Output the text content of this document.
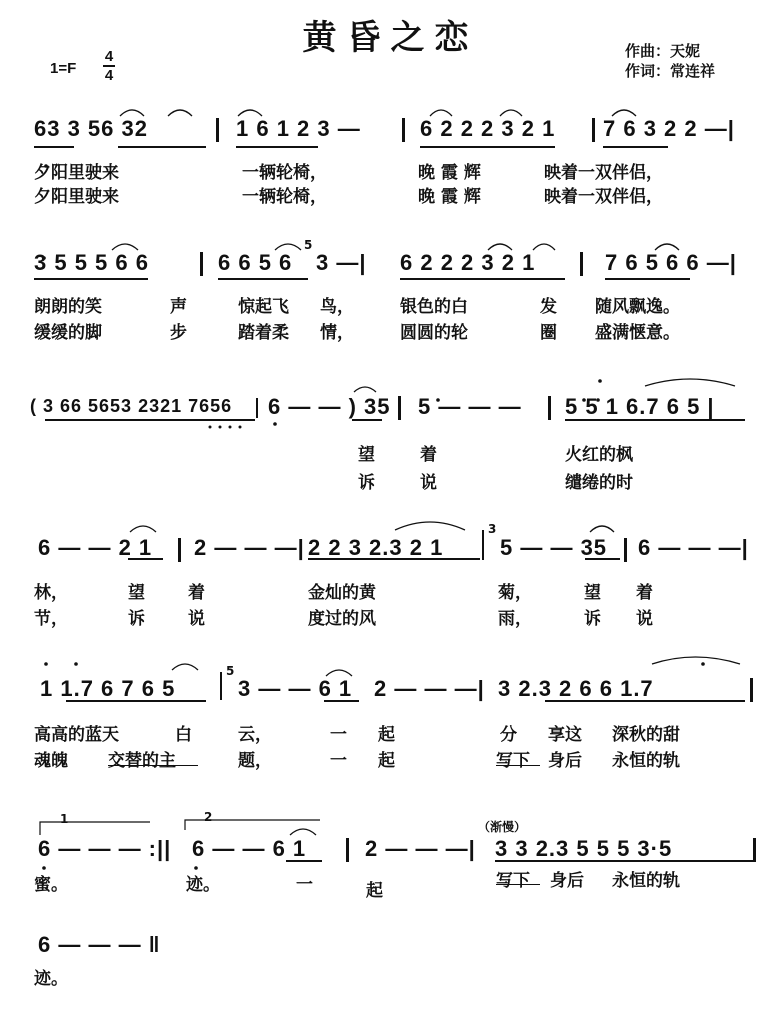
黄昏之恋
1=F
4
4
作曲：天妮
作词：常连祥
63 3 56 32	1 6 1 2 3 —	6 2 2 2 3 2 1 7 6 3 2 2 —|
夕阳里驶来	一辆轮椅，	晚 霞 辉	映着一双伴侣，
夕阳里驶来	一辆轮椅，	晚 霞 辉	映着一双伴侣，
3 5 5 5 6 6	6 6 5 6
5
3 —| 6 2 2 2 3 2 1	7 6 5 6 6 —|
朗朗的笑	声	惊起飞 鸟，	银色的白	发 随风飘逸。
缓缓的脚	步	踏着柔 情，	圆圆的轮	圈 盛满惬意。
( 3 66 5653 2321 7656 6 — — ) 35 5 — — — 5 5 1 6.7 6 5 |
望	着	火红的枫
诉	说	缱绻的时
6 — — 2 1 2 — — —| 2 2 3 2.3 2 1
3
5 — — 35 6 — — —|
林，	望	着	金灿的黄	菊，	望 着
节，	诉	说	度过的风	雨，	诉 说
1 1.7 6 7 6 5
5
3 — — 6 1 2 — — —| 3 2.3 2 6 6 1.7
高高的蓝天	白	云，	一 起	分 享这 深秋的甜
魂魄 交替的主	题，	一 起	写下 身后 永恒的轨
1	2
（渐慢）
6 — — — :|| 6 — — 6 1	2 — — —| 3 3 2.3 5 5 5 3·5
蜜。	迹。	一	起	写下 身后 永恒的轨
6 — — — ‖
迹。
